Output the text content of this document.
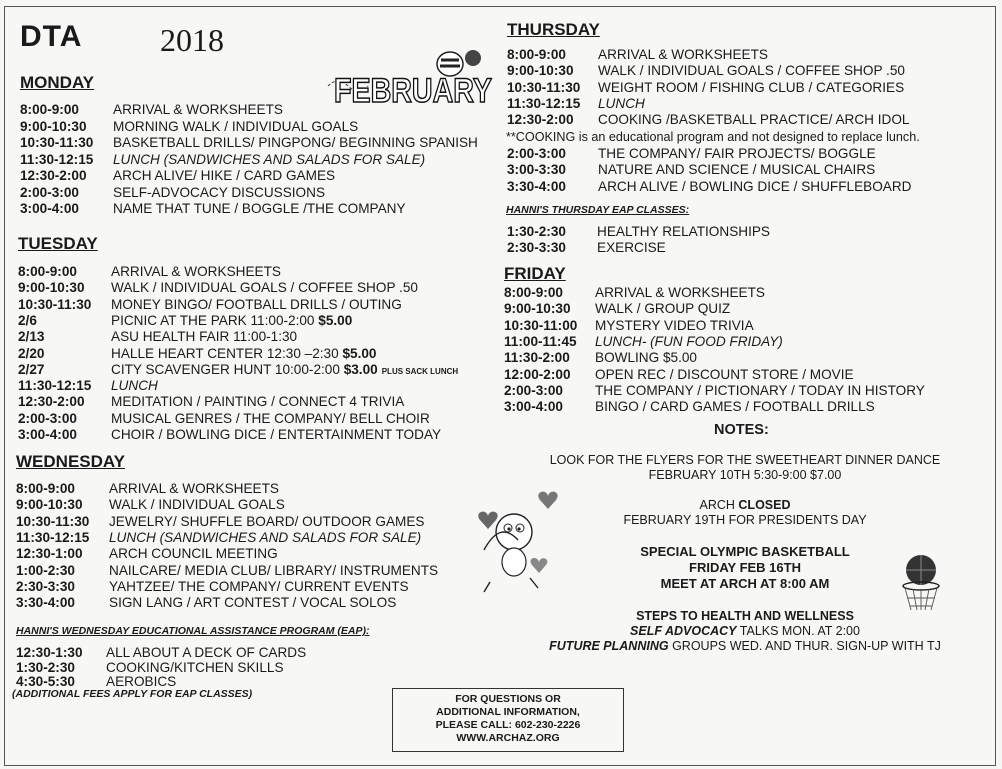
DTA 2018
FEBRUARY
MONDAY
8:00-9:00	ARRIVAL & WORKSHEETS
9:00-10:30 MORNING WALK / INDIVIDUAL GOALS
10:30-11:30 BASKETBALL DRILLS/ PINGPONG/ BEGINNING SPANISH
11:30-12:15 LUNCH (SANDWICHES AND SALADS FOR SALE)
12:30-2:00 ARCH ALIVE/ HIKE / CARD GAMES
2:00-3:00	SELF-ADVOCACY DISCUSSIONS
3:00-4:00	NAME THAT TUNE / BOGGLE /THE COMPANY
TUESDAY
8:00-9:00	ARRIVAL & WORKSHEETS
9:00-10:30 WALK / INDIVIDUAL GOALS / COFFEE SHOP .50
10:30-11:30 MONEY BINGO/ FOOTBALL DRILLS / OUTING
2/6	PICNIC AT THE PARK 11:00-2:00 $5.00
2/13	ASU HEALTH FAIR 11:00-1:30
2/20	HALLE HEART CENTER 12:30 –2:30 $5.00
2/27	CITY SCAVENGER HUNT 10:00-2:00 $3.00 PLUS SACK LUNCH
11:30-12:15 LUNCH
12:30-2:00 MEDITATION / PAINTING / CONNECT 4 TRIVIA
2:00-3:00	MUSICAL GENRES / THE COMPANY/ BELL CHOIR
3:00-4:00	CHOIR / BOWLING DICE / ENTERTAINMENT TODAY
WEDNESDAY
8:00-9:00	ARRIVAL & WORKSHEETS
9:00-10:30 WALK / INDIVIDUAL GOALS
10:30-11:30 JEWELRY/ SHUFFLE BOARD/ OUTDOOR GAMES
11:30-12:15 LUNCH (SANDWICHES AND SALADS FOR SALE)
12:30-1:00 ARCH COUNCIL MEETING
1:00-2:30	NAILCARE/ MEDIA CLUB/ LIBRARY/ INSTRUMENTS
2:30-3:30	YAHTZEE/ THE COMPANY/ CURRENT EVENTS
3:30-4:00	SIGN LANG / ART CONTEST / VOCAL SOLOS
HANNI'S WEDNESDAY EDUCATIONAL ASSISTANCE PROGRAM (EAP):
12:30-1:30 ALL ABOUT A DECK OF CARDS
1:30-2:30 COOKING/KITCHEN SKILLS
4:30-5:30 AEROBICS
(ADDITIONAL FEES APPLY FOR EAP CLASSES)
THURSDAY
8:00-9:00 ARRIVAL & WORKSHEETS
9:00-10:30 WALK / INDIVIDUAL GOALS / COFFEE SHOP .50
10:30-11:30 WEIGHT ROOM / FISHING CLUB / CATEGORIES
11:30-12:15 LUNCH
12:30-2:00 COOKING /BASKETBALL PRACTICE/ ARCH IDOL
**COOKING is an educational program and not designed to replace lunch.
2:00-3:00 THE COMPANY/ FAIR PROJECTS/ BOGGLE
3:00-3:30 NATURE AND SCIENCE / MUSICAL CHAIRS
3:30-4:00 ARCH ALIVE / BOWLING DICE / SHUFFLEBOARD
HANNI'S THURSDAY EAP CLASSES:
1:30-2:30 HEALTHY RELATIONSHIPS
2:30-3:30 EXERCISE
FRIDAY
8:00-9:00 ARRIVAL & WORKSHEETS
9:00-10:30 WALK / GROUP QUIZ
10:30-11:00 MYSTERY VIDEO TRIVIA
11:00-11:45 LUNCH- (FUN FOOD FRIDAY)
11:30-2:00 BOWLING $5.00
12:00-2:00 OPEN REC / DISCOUNT STORE / MOVIE
2:00-3:00 THE COMPANY / PICTIONARY / TODAY IN HISTORY
3:00-4:00 BINGO / CARD GAMES / FOOTBALL DRILLS
NOTES:
LOOK FOR THE FLYERS FOR THE SWEETHEART DINNER DANCE
FEBRUARY 10TH 5:30-9:00 $7.00
ARCH CLOSED
FEBRUARY 19TH FOR PRESIDENTS DAY
SPECIAL OLYMPIC BASKETBALL
FRIDAY FEB 16TH
MEET AT ARCH AT 8:00 AM
STEPS TO HEALTH AND WELLNESS
SELF ADVOCACY TALKS MON. AT 2:00
FUTURE PLANNING GROUPS WED. AND THUR. SIGN-UP WITH TJ
FOR QUESTIONS OR
ADDITIONAL INFORMATION,
PLEASE CALL: 602-230-2226
WWW.ARCHAZ.ORG
